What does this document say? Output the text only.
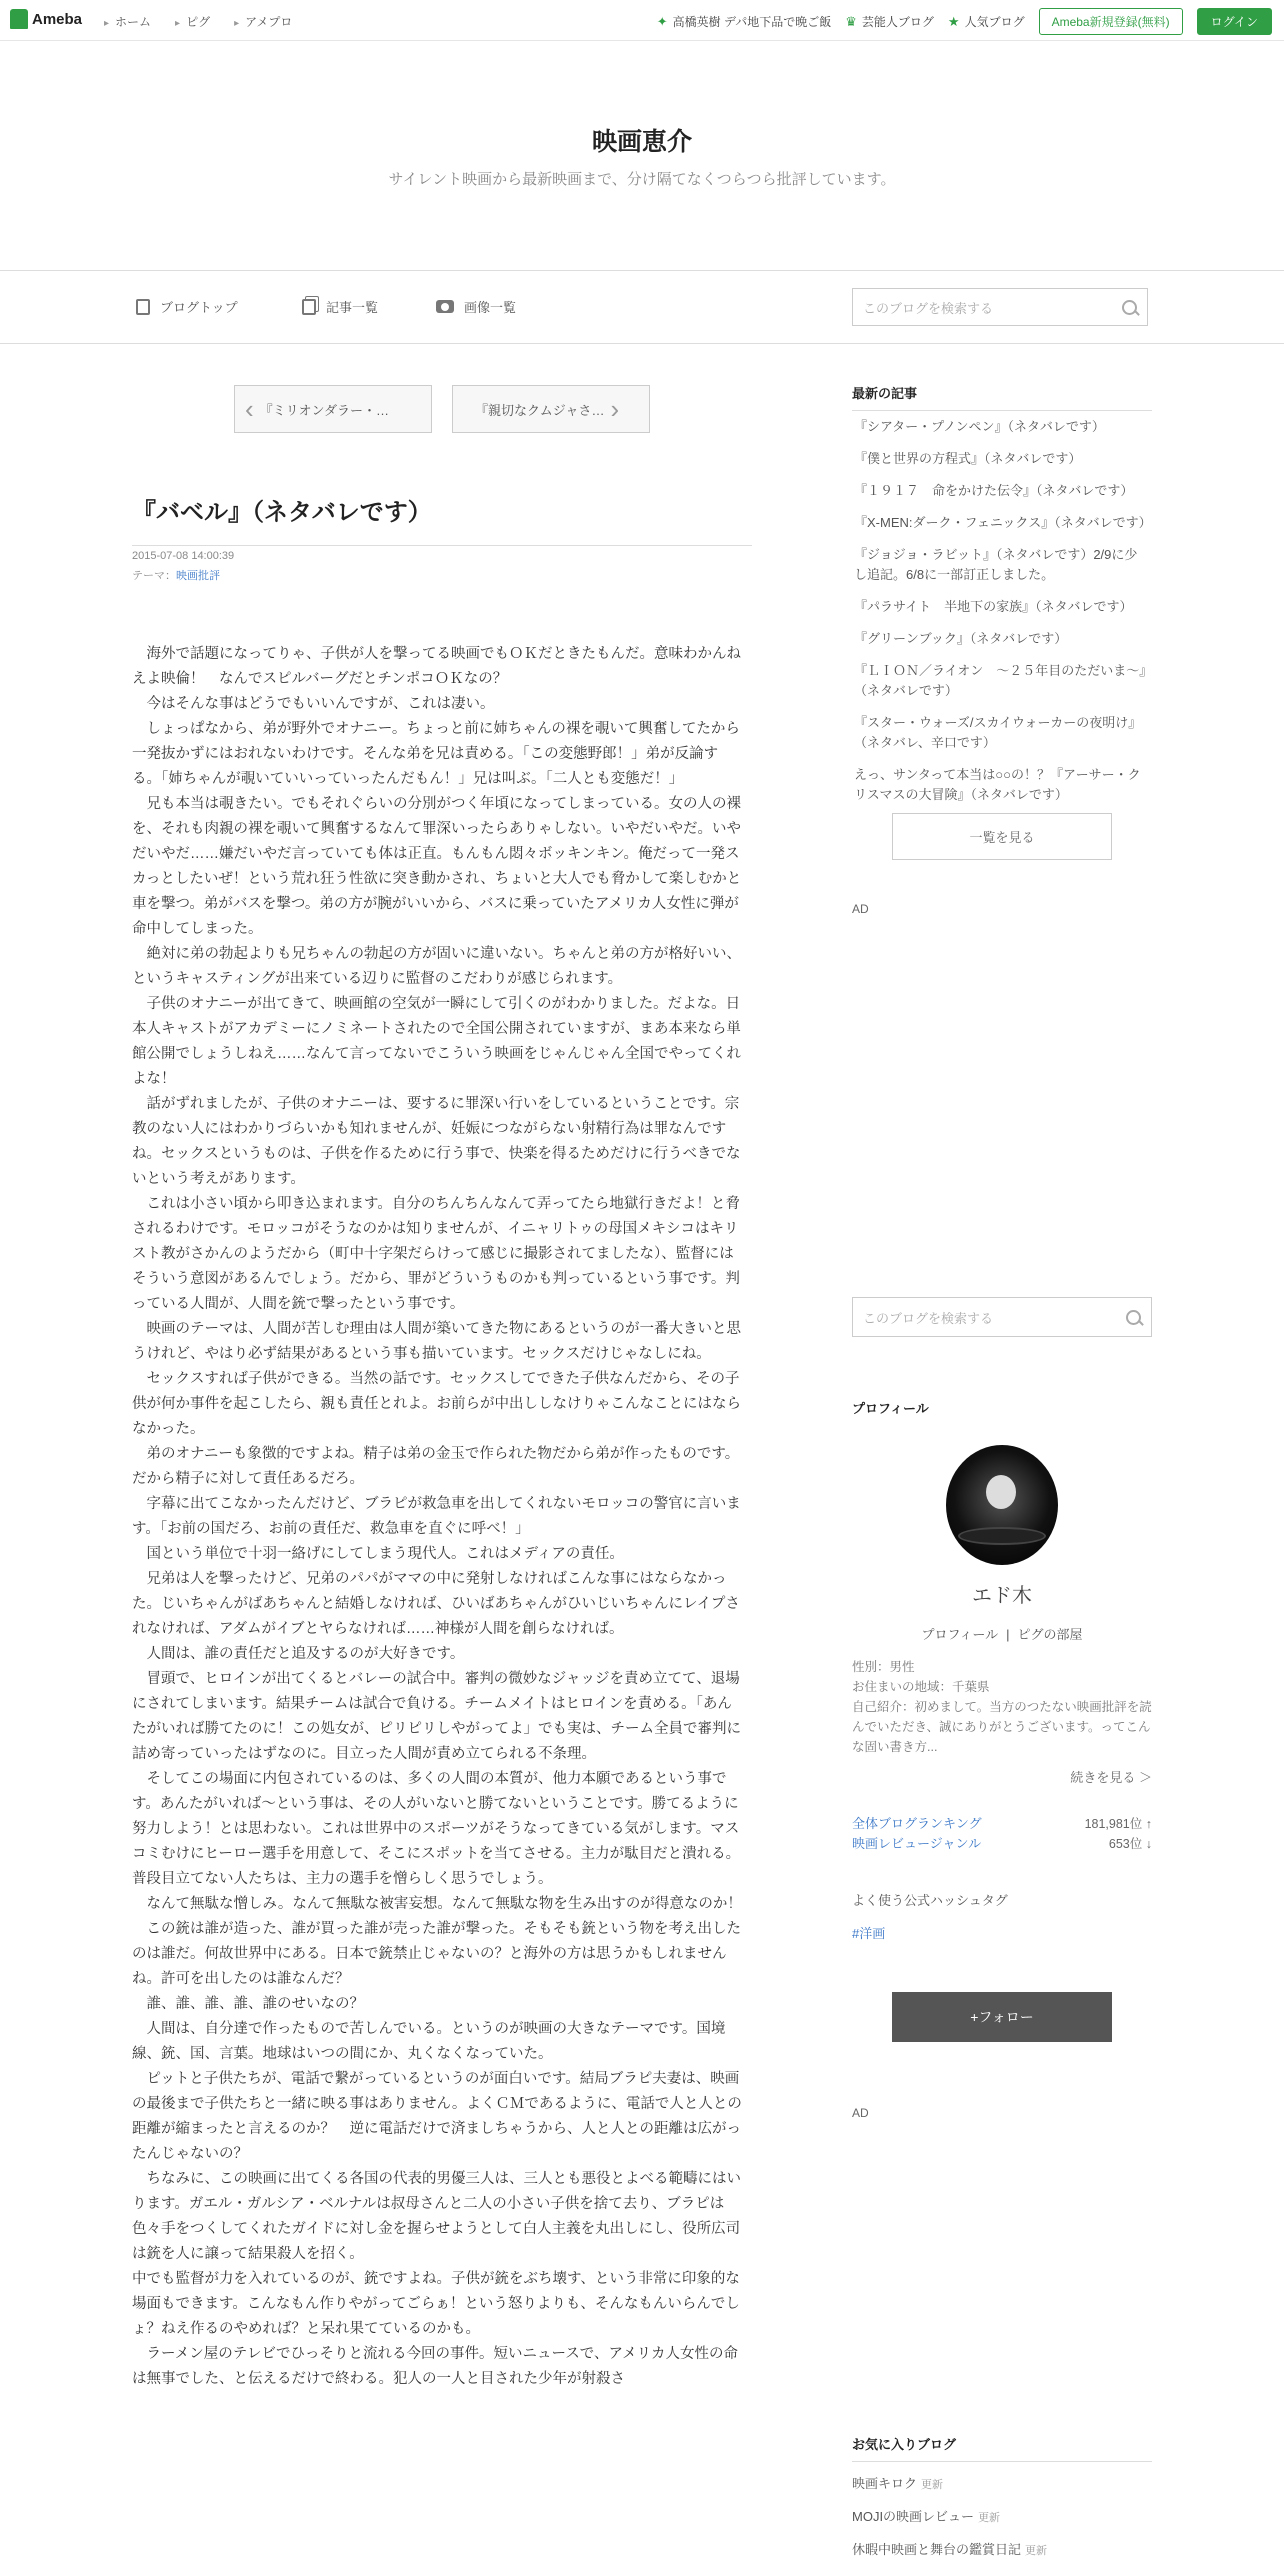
Ameba	▸ ホーム	▸ ピグ	▸ アメプロ	✦ 高橋英樹 デパ地下品で晩ご飯 ♛ 芸能人ブログ ★ 人気ブログ	Ameba新規登録(無料)	ログイン
映画恵介
サイレント映画から最新映画まで、分け隔てなくつらつら批評しています。
ブログトップ	記事一覧	画像一覧	このブログを検索する
‹ 『ミリオンダラー・…	『親切なクムジャさ… ›
『バベル』（ネタバレです）
2015-07-08 14:00:39
テーマ：映画批評

海外で話題になってりゃ、子供が人を撃ってる映画でもＯＫだときたもんだ。意味わかんねえよ映倫！　なんでスピルバーグだとチンポコＯＫなの？

今はそんな事はどうでもいいんですが、これは凄い。

しょっぱなから、弟が野外でオナニー。ちょっと前に姉ちゃんの裸を覗いて興奮してたから一発抜かずにはおれないわけです。そんな弟を兄は責める。「この変態野郎！」弟が反論する。「姉ちゃんが覗いていいっていったんだもん！」兄は叫ぶ。「二人とも変態だ！」

兄も本当は覗きたい。でもそれぐらいの分別がつく年頃になってしまっている。女の人の裸を、それも肉親の裸を覗いて興奮するなんて罪深いったらありゃしない。いやだいやだ。いやだいやだ……嫌だいやだ言っていても体は正直。もんもん悶々ボッキンキン。俺だって一発スカっとしたいぜ！という荒れ狂う性欲に突き動かされ、ちょいと大人でも脅かして楽しむかと車を撃つ。弟がバスを撃つ。弟の方が腕がいいから、バスに乗っていたアメリカ人女性に弾が命中してしまった。

絶対に弟の勃起よりも兄ちゃんの勃起の方が固いに違いない。ちゃんと弟の方が格好いい、というキャスティングが出来ている辺りに監督のこだわりが感じられます。

子供のオナニーが出てきて、映画館の空気が一瞬にして引くのがわかりました。だよな。日本人キャストがアカデミーにノミネートされたので全国公開されていますが、まあ本来なら単館公開でしょうしねえ……なんて言ってないでこういう映画をじゃんじゃん全国でやってくれよな！

話がずれましたが、子供のオナニーは、要するに罪深い行いをしているということです。宗教のない人にはわかりづらいかも知れませんが、妊娠につながらない射精行為は罪なんですね。セックスというものは、子供を作るために行う事で、快楽を得るためだけに行うべきでないという考えがあります。

これは小さい頃から叩き込まれます。自分のちんちんなんて弄ってたら地獄行きだよ！と脅されるわけです。モロッコがそうなのかは知りませんが、イニャリトゥの母国メキシコはキリスト教がさかんのようだから（町中十字架だらけって感じに撮影されてましたな）、監督にはそういう意図があるんでしょう。だから、罪がどういうものかも判っているという事です。判っている人間が、人間を銃で撃ったという事です。

映画のテーマは、人間が苦しむ理由は人間が築いてきた物にあるというのが一番大きいと思うけれど、やはり必ず結果があるという事も描いています。セックスだけじゃなしにね。

セックスすれば子供ができる。当然の話です。セックスしてできた子供なんだから、その子供が何か事件を起こしたら、親も責任とれよ。お前らが中出ししなけりゃこんなことにはならなかった。

弟のオナニーも象徴的ですよね。精子は弟の金玉で作られた物だから弟が作ったものです。だから精子に対して責任あるだろ。

字幕に出てこなかったんだけど、ブラピが救急車を出してくれないモロッコの警官に言います。「お前の国だろ、お前の責任だ、救急車を直ぐに呼べ！」

国という単位で十羽一絡げにしてしまう現代人。これはメディアの責任。

兄弟は人を撃ったけど、兄弟のパパがママの中に発射しなければこんな事にはならなかった。じいちゃんがばあちゃんと結婚しなければ、ひいばあちゃんがひいじいちゃんにレイプされなければ、アダムがイブとヤらなければ……神様が人間を創らなければ。

人間は、誰の責任だと追及するのが大好きです。

冒頭で、ヒロインが出てくるとバレーの試合中。審判の微妙なジャッジを責め立てて、退場にされてしまいます。結果チームは試合で負ける。チームメイトはヒロインを責める。「あんたがいれば勝てたのに！この処女が、ピリピリしやがってよ」でも実は、チーム全員で審判に詰め寄っていったはずなのに。目立った人間が責め立てられる不条理。

そしてこの場面に内包されているのは、多くの人間の本質が、他力本願であるという事です。あんたがいれば～という事は、その人がいないと勝てないということです。勝てるように努力しよう！とは思わない。これは世界中のスポーツがそうなってきている気がします。マスコミむけにヒーロー選手を用意して、そこにスポットを当てさせる。主力が駄目だと潰れる。普段目立てない人たちは、主力の選手を憎らしく思うでしょう。

なんて無駄な憎しみ。なんて無駄な被害妄想。なんて無駄な物を生み出すのが得意なのか！

この銃は誰が造った、誰が買った誰が売った誰が撃った。そもそも銃という物を考え出したのは誰だ。何故世界中にある。日本で銃禁止じゃないの？と海外の方は思うかもしれませんね。許可を出したのは誰なんだ？

誰、誰、誰、誰、誰のせいなの？

人間は、自分達で作ったもので苦しんでいる。というのが映画の大きなテーマです。国境線、銃、国、言葉。地球はいつの間にか、丸くなくなっていた。

ピットと子供たちが、電話で繋がっているというのが面白いです。結局ブラピ夫妻は、映画の最後まで子供たちと一緒に映る事はありません。よくＣＭであるように、電話で人と人との距離が縮まったと言えるのか？　逆に電話だけで済ましちゃうから、人と人との距離は広がったんじゃないの？

ちなみに、この映画に出てくる各国の代表的男優三人は、三人とも悪役とよべる範疇にはいります。ガエル・ガルシア・ベルナルは叔母さんと二人の小さい子供を捨て去り、ブラピは色々手をつくしてくれたガイドに対し金を握らせようとして白人主義を丸出しにし、役所広司は銃を人に譲って結果殺人を招く。

中でも監督が力を入れているのが、銃ですよね。子供が銃をぶち壊す、という非常に印象的な場面もできます。こんなもん作りやがってごらぁ！という怒りよりも、そんなもんいらんでしょ？ねえ作るのやめれば？と呆れ果てているのかも。

ラーメン屋のテレビでひっそりと流れる今回の事件。短いニュースで、アメリカ人女性の命は無事でした、と伝えるだけで終わる。犯人の一人と目された少年が射殺さ

最新の記事
『シアター・プノンペン』（ネタバレです）
『僕と世界の方程式』（ネタバレです）
『１９１７　命をかけた伝令』（ネタバレです）
『X-MEN:ダーク・フェニックス』（ネタバレです）
『ジョジョ・ラビット』（ネタバレです）2/9に少し追記。6/8に一部訂正しました。
『パラサイト　半地下の家族』（ネタバレです）
『グリーンブック』（ネタバレです）
『ＬＩＯＮ／ライオン　～２５年目のただいま～』（ネタバレです）
『スター・ウォーズ/スカイウォーカーの夜明け』（ネタバレ、辛口です）
えっ、サンタって本当は○○の！？『アーサー・クリスマスの大冒険』（ネタバレです）
一覧を見る
AD
このブログを検索する
プロフィール
エド木
プロフィール | ピグの部屋
性別：男性
お住まいの地域：千葉県
自己紹介：初めまして。当方のつたない映画批評を読んでいただき、誠にありがとうございます。ってこんな固い書き方...
続きを見る ＞
全体ブログランキング	181,981位 ↑
映画レビュージャンル	653位 ↓
よく使う公式ハッシュタグ
#洋画
+フォロー
AD
お気に入りブログ
映画キロク 更新
MOJIの映画レビュー 更新
休暇中映画と舞台の鑑賞日記 更新
